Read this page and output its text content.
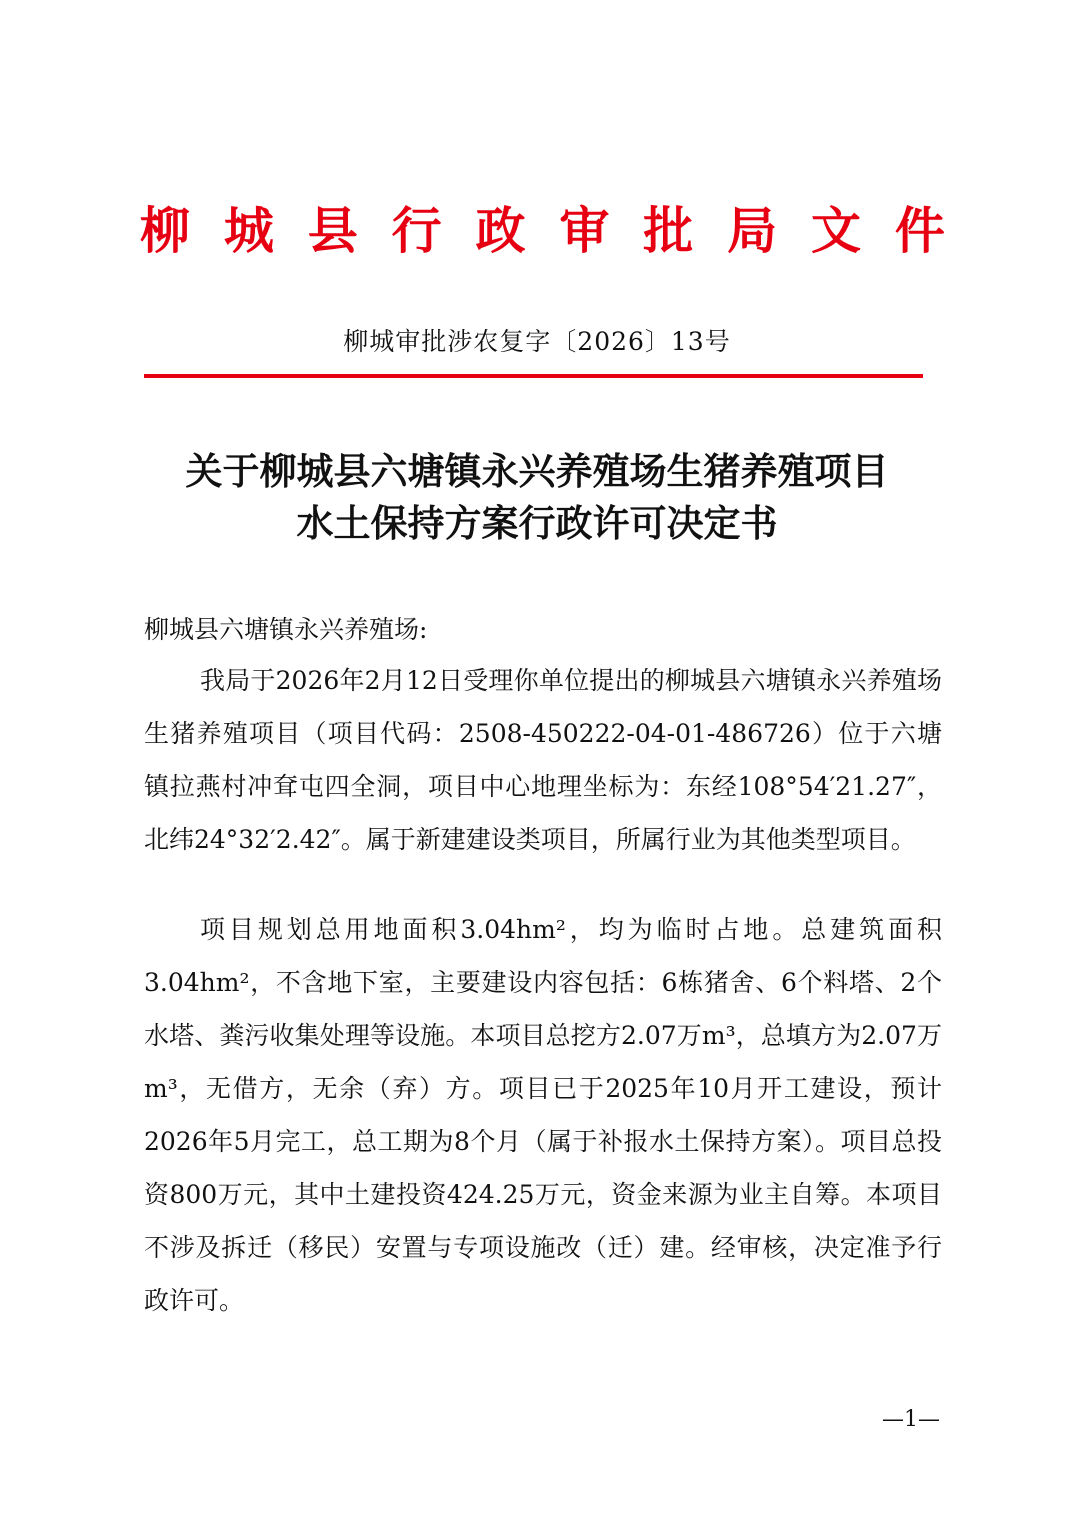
柳 城 县 行 政 审 批 局 文 件
柳城审批涉农复字〔2026〕13号
关于柳城县六塘镇永兴养殖场生猪养殖项目
水土保持方案行政许可决定书

柳城县六塘镇永兴养殖场:

我局于2026年2月12日受理你单位提出的柳城县六塘镇永兴养殖场生猪养殖项目（项目代码：2508-450222-04-01-486726）位于六塘镇拉燕村冲耷屯四全洞，项目中心地理坐标为：东经108°54′21.27″，北纬24°32′2.42″。属于新建建设类项目，所属行业为其他类型项目。

项目规划总用地面积3.04hm²，均为临时占地。总建筑面积3.04hm²，不含地下室，主要建设内容包括：6栋猪舍、6个料塔、2个水塔、粪污收集处理等设施。本项目总挖方2.07万m³，总填方为2.07万m³，无借方，无余（弃）方。项目已于2025年10月开工建设，预计2026年5月完工，总工期为8个月（属于补报水土保持方案）。项目总投资800万元，其中土建投资424.25万元，资金来源为业主自筹。本项目不涉及拆迁（移民）安置与专项设施改（迁）建。经审核，决定准予行政许可。

—1—
